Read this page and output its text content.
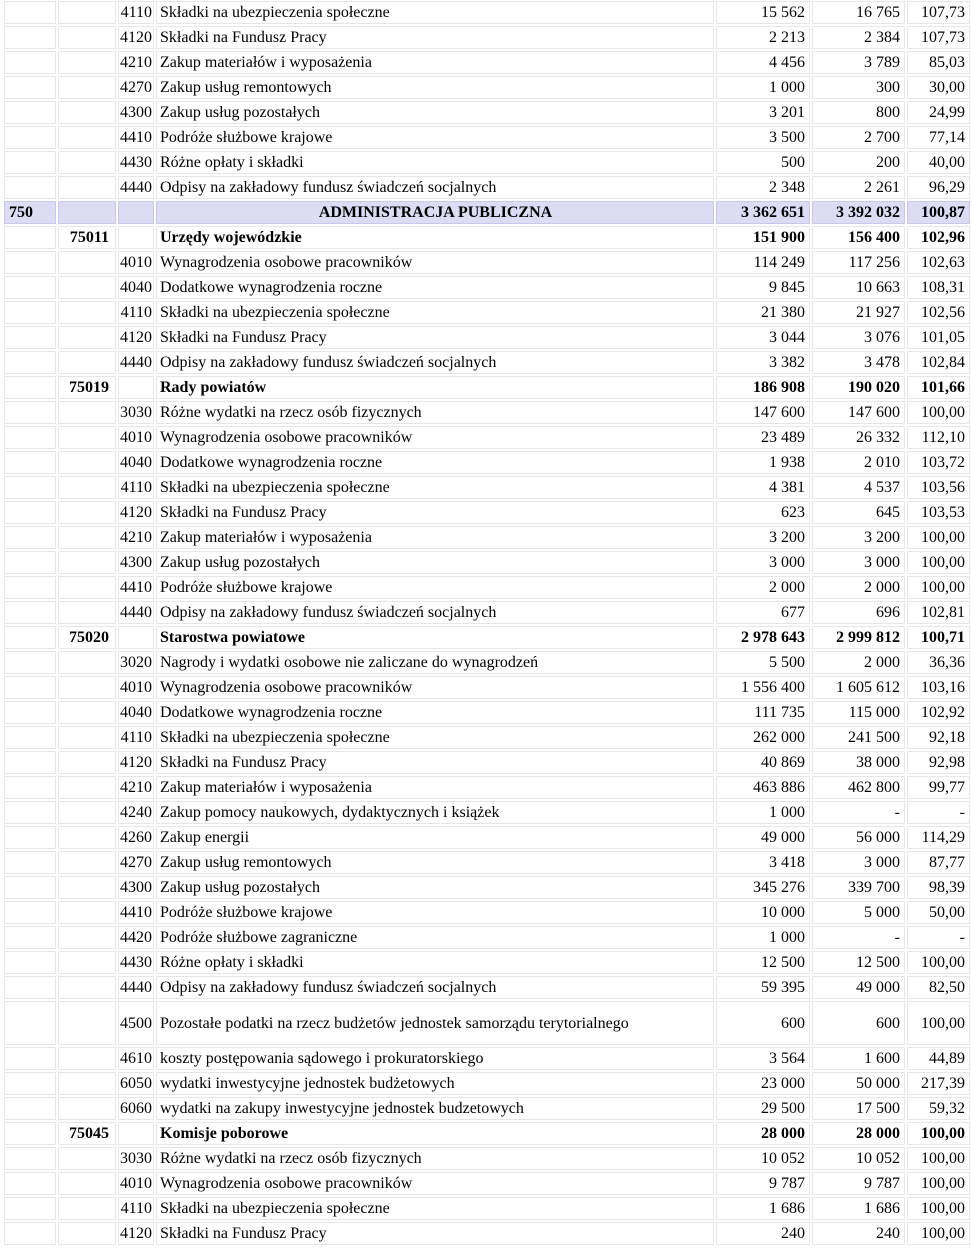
		4110	Składki na ubezpieczenia społeczne	15 562	16 765	107,73
		4120	Składki na Fundusz Pracy	2 213	2 384	107,73
		4210	Zakup materiałów i wyposażenia	4 456	3 789	85,03
		4270	Zakup usług remontowych	1 000	300	30,00
		4300	Zakup usług pozostałych	3 201	800	24,99
		4410	Podróże służbowe krajowe	3 500	2 700	77,14
		4430	Różne opłaty i składki	500	200	40,00
		4440	Odpisy na zakładowy fundusz świadczeń socjalnych	2 348	2 261	96,29
750			ADMINISTRACJA PUBLICZNA	3 362 651	3 392 032	100,87
	75011		Urzędy wojewódzkie	151 900	156 400	102,96
		4010	Wynagrodzenia osobowe pracowników	114 249	117 256	102,63
		4040	Dodatkowe wynagrodzenia roczne	9 845	10 663	108,31
		4110	Składki na ubezpieczenia społeczne	21 380	21 927	102,56
		4120	Składki na Fundusz Pracy	3 044	3 076	101,05
		4440	Odpisy na zakładowy fundusz świadczeń socjalnych	3 382	3 478	102,84
	75019		Rady powiatów	186 908	190 020	101,66
		3030	Różne wydatki na rzecz osób fizycznych	147 600	147 600	100,00
		4010	Wynagrodzenia osobowe pracowników	23 489	26 332	112,10
		4040	Dodatkowe wynagrodzenia roczne	1 938	2 010	103,72
		4110	Składki na ubezpieczenia społeczne	4 381	4 537	103,56
		4120	Składki na Fundusz Pracy	623	645	103,53
		4210	Zakup materiałów i wyposażenia	3 200	3 200	100,00
		4300	Zakup usług pozostałych	3 000	3 000	100,00
		4410	Podróże służbowe krajowe	2 000	2 000	100,00
		4440	Odpisy na zakładowy fundusz świadczeń socjalnych	677	696	102,81
	75020		Starostwa powiatowe	2 978 643	2 999 812	100,71
		3020	Nagrody i wydatki osobowe nie zaliczane do wynagrodzeń	5 500	2 000	36,36
		4010	Wynagrodzenia osobowe pracowników	1 556 400	1 605 612	103,16
		4040	Dodatkowe wynagrodzenia roczne	111 735	115 000	102,92
		4110	Składki na ubezpieczenia społeczne	262 000	241 500	92,18
		4120	Składki na Fundusz Pracy	40 869	38 000	92,98
		4210	Zakup materiałów i wyposażenia	463 886	462 800	99,77
		4240	Zakup pomocy naukowych, dydaktycznych i książek	1 000	-	-
		4260	Zakup energii	49 000	56 000	114,29
		4270	Zakup usług remontowych	3 418	3 000	87,77
		4300	Zakup usług pozostałych	345 276	339 700	98,39
		4410	Podróże służbowe krajowe	10 000	5 000	50,00
		4420	Podróże służbowe zagraniczne	1 000	-	-
		4430	Różne opłaty i składki	12 500	12 500	100,00
		4440	Odpisy na zakładowy fundusz świadczeń socjalnych	59 395	49 000	82,50
		4500	Pozostałe podatki na rzecz budżetów jednostek samorządu terytorialnego	600	600	100,00
		4610	koszty postępowania sądowego i prokuratorskiego	3 564	1 600	44,89
		6050	wydatki inwestycyjne jednostek budżetowych	23 000	50 000	217,39
		6060	wydatki na zakupy inwestycyjne jednostek budzetowych	29 500	17 500	59,32
	75045		Komisje poborowe	28 000	28 000	100,00
		3030	Różne wydatki na rzecz osób fizycznych	10 052	10 052	100,00
		4010	Wynagrodzenia osobowe pracowników	9 787	9 787	100,00
		4110	Składki na ubezpieczenia społeczne	1 686	1 686	100,00
		4120	Składki na Fundusz Pracy	240	240	100,00
